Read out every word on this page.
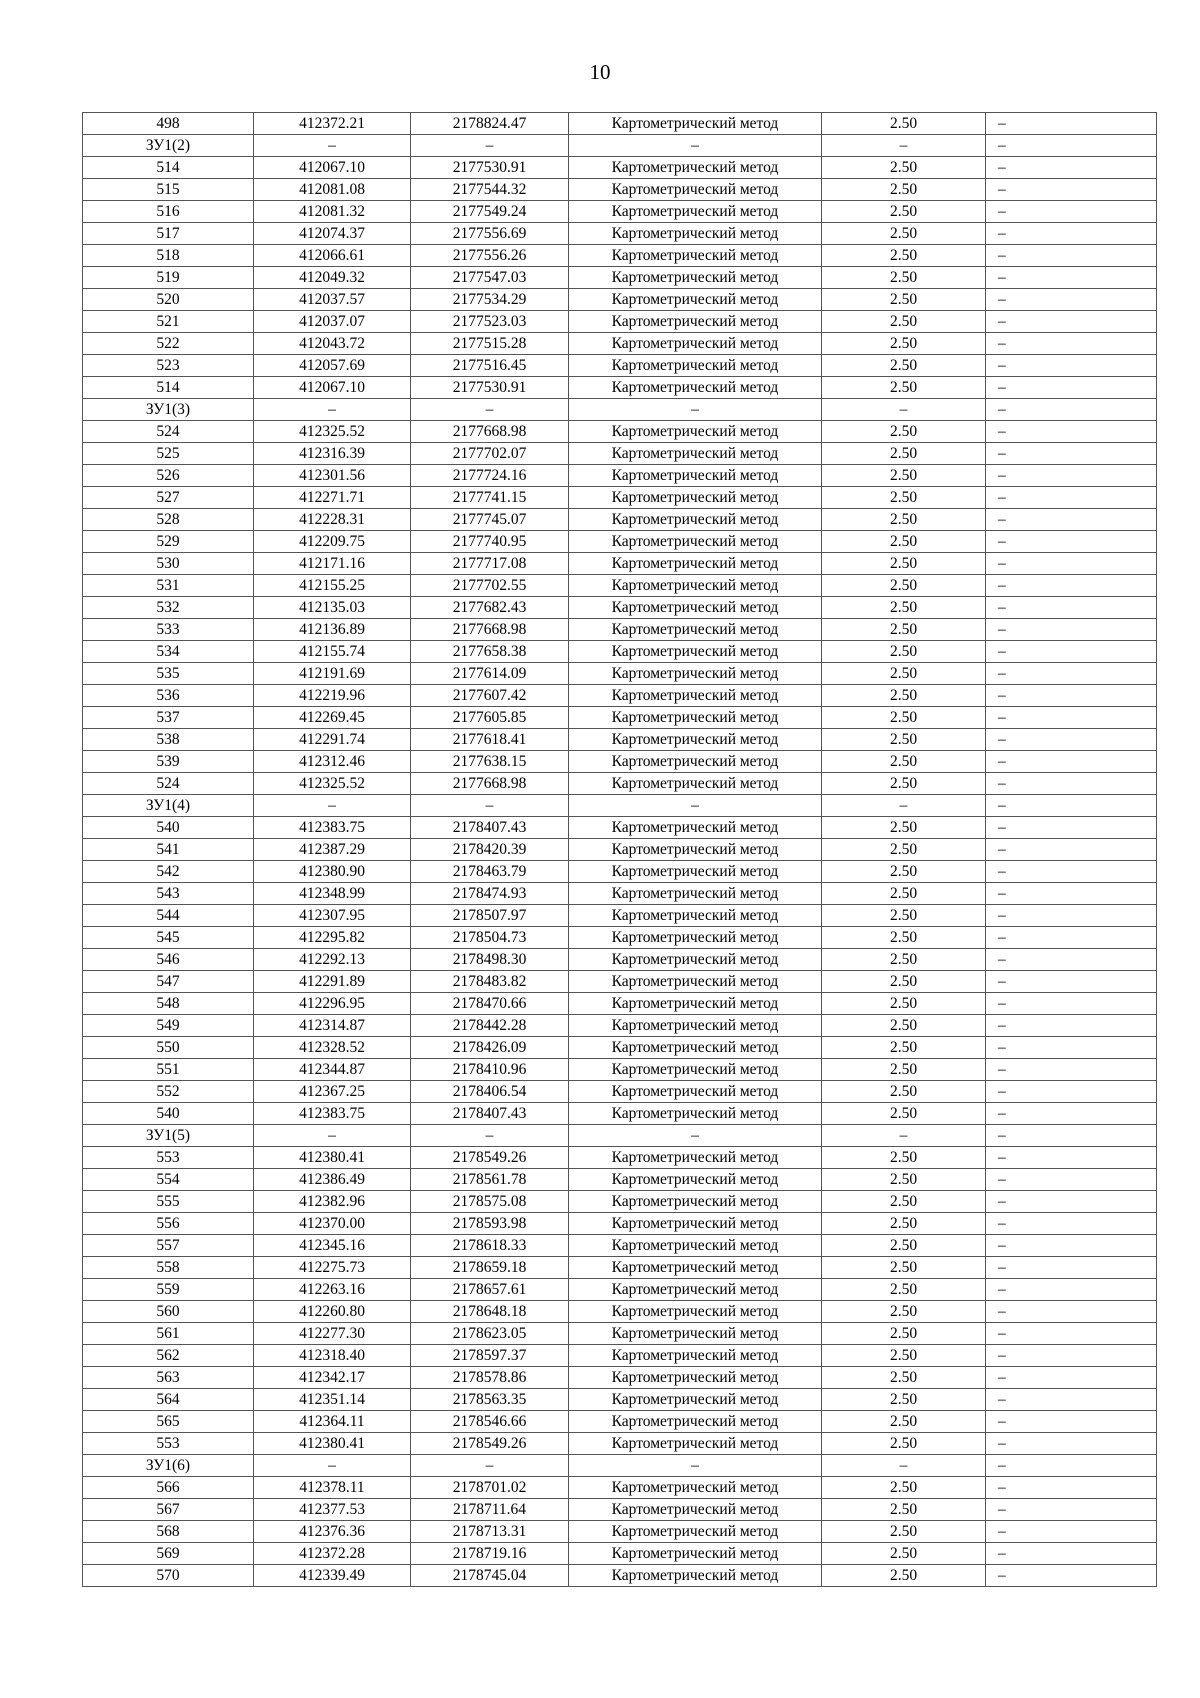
10
498	412372.21	2178824.47	Картометрический метод	2.50	–
ЗУ1(2)	–	–	–	–	–
514	412067.10	2177530.91	Картометрический метод	2.50	–
515	412081.08	2177544.32	Картометрический метод	2.50	–
516	412081.32	2177549.24	Картометрический метод	2.50	–
517	412074.37	2177556.69	Картометрический метод	2.50	–
518	412066.61	2177556.26	Картометрический метод	2.50	–
519	412049.32	2177547.03	Картометрический метод	2.50	–
520	412037.57	2177534.29	Картометрический метод	2.50	–
521	412037.07	2177523.03	Картометрический метод	2.50	–
522	412043.72	2177515.28	Картометрический метод	2.50	–
523	412057.69	2177516.45	Картометрический метод	2.50	–
514	412067.10	2177530.91	Картометрический метод	2.50	–
ЗУ1(3)	–	–	–	–	–
524	412325.52	2177668.98	Картометрический метод	2.50	–
525	412316.39	2177702.07	Картометрический метод	2.50	–
526	412301.56	2177724.16	Картометрический метод	2.50	–
527	412271.71	2177741.15	Картометрический метод	2.50	–
528	412228.31	2177745.07	Картометрический метод	2.50	–
529	412209.75	2177740.95	Картометрический метод	2.50	–
530	412171.16	2177717.08	Картометрический метод	2.50	–
531	412155.25	2177702.55	Картометрический метод	2.50	–
532	412135.03	2177682.43	Картометрический метод	2.50	–
533	412136.89	2177668.98	Картометрический метод	2.50	–
534	412155.74	2177658.38	Картометрический метод	2.50	–
535	412191.69	2177614.09	Картометрический метод	2.50	–
536	412219.96	2177607.42	Картометрический метод	2.50	–
537	412269.45	2177605.85	Картометрический метод	2.50	–
538	412291.74	2177618.41	Картометрический метод	2.50	–
539	412312.46	2177638.15	Картометрический метод	2.50	–
524	412325.52	2177668.98	Картометрический метод	2.50	–
ЗУ1(4)	–	–	–	–	–
540	412383.75	2178407.43	Картометрический метод	2.50	–
541	412387.29	2178420.39	Картометрический метод	2.50	–
542	412380.90	2178463.79	Картометрический метод	2.50	–
543	412348.99	2178474.93	Картометрический метод	2.50	–
544	412307.95	2178507.97	Картометрический метод	2.50	–
545	412295.82	2178504.73	Картометрический метод	2.50	–
546	412292.13	2178498.30	Картометрический метод	2.50	–
547	412291.89	2178483.82	Картометрический метод	2.50	–
548	412296.95	2178470.66	Картометрический метод	2.50	–
549	412314.87	2178442.28	Картометрический метод	2.50	–
550	412328.52	2178426.09	Картометрический метод	2.50	–
551	412344.87	2178410.96	Картометрический метод	2.50	–
552	412367.25	2178406.54	Картометрический метод	2.50	–
540	412383.75	2178407.43	Картометрический метод	2.50	–
ЗУ1(5)	–	–	–	–	–
553	412380.41	2178549.26	Картометрический метод	2.50	–
554	412386.49	2178561.78	Картометрический метод	2.50	–
555	412382.96	2178575.08	Картометрический метод	2.50	–
556	412370.00	2178593.98	Картометрический метод	2.50	–
557	412345.16	2178618.33	Картометрический метод	2.50	–
558	412275.73	2178659.18	Картометрический метод	2.50	–
559	412263.16	2178657.61	Картометрический метод	2.50	–
560	412260.80	2178648.18	Картометрический метод	2.50	–
561	412277.30	2178623.05	Картометрический метод	2.50	–
562	412318.40	2178597.37	Картометрический метод	2.50	–
563	412342.17	2178578.86	Картометрический метод	2.50	–
564	412351.14	2178563.35	Картометрический метод	2.50	–
565	412364.11	2178546.66	Картометрический метод	2.50	–
553	412380.41	2178549.26	Картометрический метод	2.50	–
ЗУ1(6)	–	–	–	–	–
566	412378.11	2178701.02	Картометрический метод	2.50	–
567	412377.53	2178711.64	Картометрический метод	2.50	–
568	412376.36	2178713.31	Картометрический метод	2.50	–
569	412372.28	2178719.16	Картометрический метод	2.50	–
570	412339.49	2178745.04	Картометрический метод	2.50	–
